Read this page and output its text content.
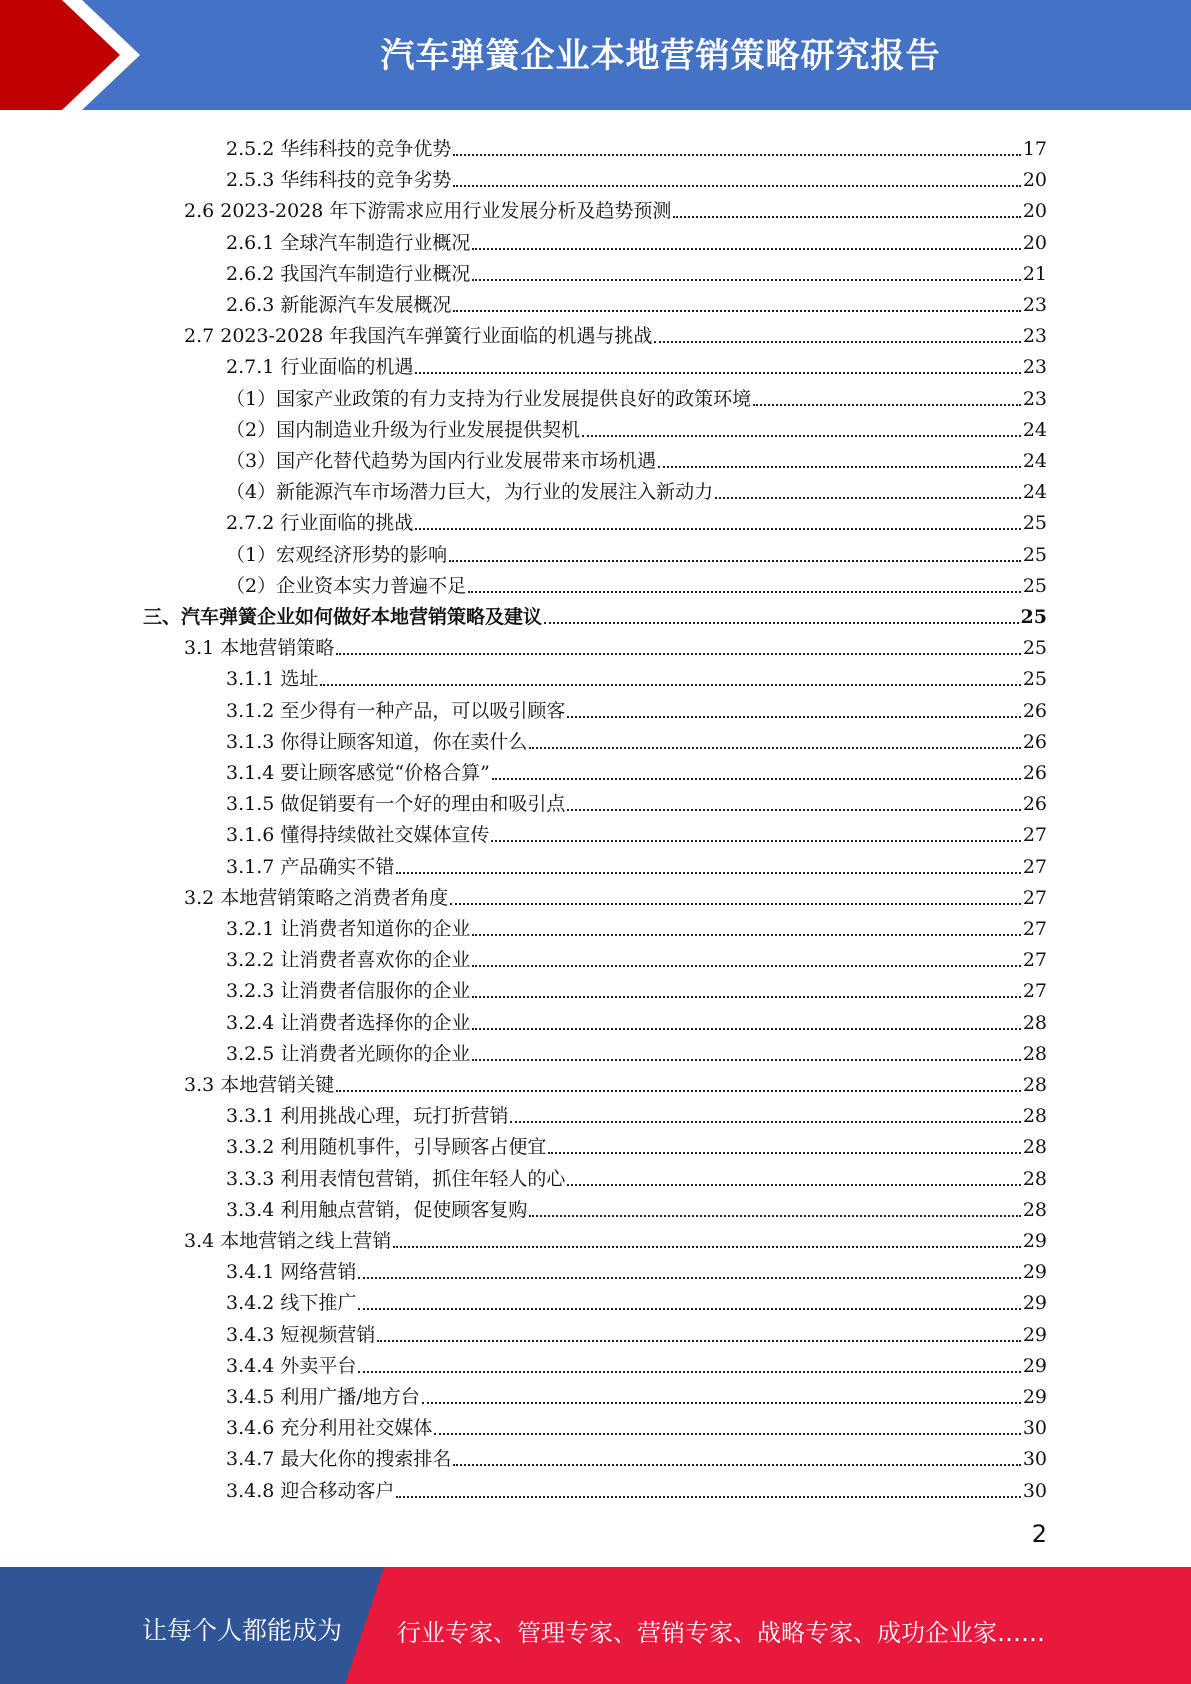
汽车弹簧企业本地营销策略研究报告
2.5.2 华纬科技的竞争优势	17
2.5.3 华纬科技的竞争劣势	20
2.6 2023-2028 年下游需求应用行业发展分析及趋势预测	20
2.6.1 全球汽车制造行业概况	20
2.6.2 我国汽车制造行业概况	21
2.6.3 新能源汽车发展概况	23
2.7 2023-2028 年我国汽车弹簧行业面临的机遇与挑战	23
2.7.1 行业面临的机遇	23
（1）国家产业政策的有力支持为行业发展提供良好的政策环境	23
（2）国内制造业升级为行业发展提供契机	24
（3）国产化替代趋势为国内行业发展带来市场机遇	24
（4）新能源汽车市场潜力巨大，为行业的发展注入新动力	24
2.7.2 行业面临的挑战	25
（1）宏观经济形势的影响	25
（2）企业资本实力普遍不足	25
三、汽车弹簧企业如何做好本地营销策略及建议	25
3.1 本地营销策略	25
3.1.1 选址	25
3.1.2 至少得有一种产品，可以吸引顾客	26
3.1.3 你得让顾客知道，你在卖什么	26
3.1.4 要让顾客感觉“价格合算”	26
3.1.5 做促销要有一个好的理由和吸引点	26
3.1.6 懂得持续做社交媒体宣传	27
3.1.7 产品确实不错	27
3.2 本地营销策略之消费者角度	27
3.2.1 让消费者知道你的企业	27
3.2.2 让消费者喜欢你的企业	27
3.2.3 让消费者信服你的企业	27
3.2.4 让消费者选择你的企业	28
3.2.5 让消费者光顾你的企业	28
3.3 本地营销关键	28
3.3.1 利用挑战心理，玩打折营销	28
3.3.2 利用随机事件，引导顾客占便宜	28
3.3.3 利用表情包营销，抓住年轻人的心	28
3.3.4 利用触点营销，促使顾客复购	28
3.4 本地营销之线上营销	29
3.4.1 网络营销	29
3.4.2 线下推广	29
3.4.3 短视频营销	29
3.4.4 外卖平台	29
3.4.5 利用广播/地方台	29
3.4.6 充分利用社交媒体	30
3.4.7 最大化你的搜索排名	30
3.4.8 迎合移动客户	30
2
让每个人都能成为 行业专家、管理专家、营销专家、战略专家、成功企业家……
